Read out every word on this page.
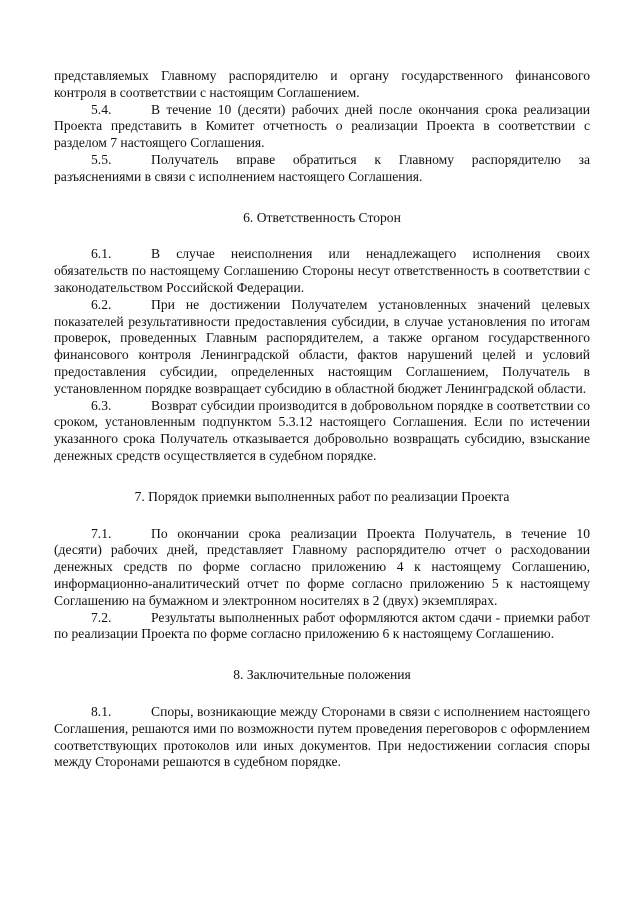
представляемых Главному распорядителю и органу государственного финансового контроля в соответствии с настоящим Соглашением.

5.4.	В течение 10 (десяти) рабочих дней после окончания срока реализации Проекта представить в Комитет отчетность о реализации Проекта в соответствии с разделом 7 настоящего Соглашения.

5.5.	Получатель вправе обратиться к Главному распорядителю за разъяснениями в связи с исполнением настоящего Соглашения.

6. Ответственность Сторон

6.1.	В случае неисполнения или ненадлежащего исполнения своих обязательств по настоящему Соглашению Стороны несут ответственность в соответствии с законодательством Российской Федерации.

6.2.	При не достижении Получателем установленных значений целевых показателей результативности предоставления субсидии, в случае установления по итогам проверок, проведенных Главным распорядителем, а также органом государственного финансового контроля Ленинградской области, фактов нарушений целей и условий предоставления субсидии, определенных настоящим Соглашением, Получатель в установленном порядке возвращает субсидию в областной бюджет Ленинградской области.

6.3.	Возврат субсидии производится в добровольном порядке в соответствии со сроком, установленным подпунктом 5.3.12 настоящего Соглашения. Если по истечении указанного срока Получатель отказывается добровольно возвращать субсидию, взыскание денежных средств осуществляется в судебном порядке.

7. Порядок приемки выполненных работ по реализации Проекта

7.1.	По окончании срока реализации Проекта Получатель, в течение 10 (десяти) рабочих дней, представляет Главному распорядителю отчет о расходовании денежных средств по форме согласно приложению 4 к настоящему Соглашению, информационно-аналитический отчет по форме согласно приложению 5 к настоящему Соглашению на бумажном и электронном носителях в 2 (двух) экземплярах.

7.2.	Результаты выполненных работ оформляются актом сдачи - приемки работ по реализации Проекта по форме согласно приложению 6 к настоящему Соглашению.

8. Заключительные положения

8.1.	Споры, возникающие между Сторонами в связи с исполнением настоящего Соглашения, решаются ими по возможности путем проведения переговоров с оформлением соответствующих протоколов или иных документов. При недостижении согласия споры между Сторонами решаются в судебном порядке.
